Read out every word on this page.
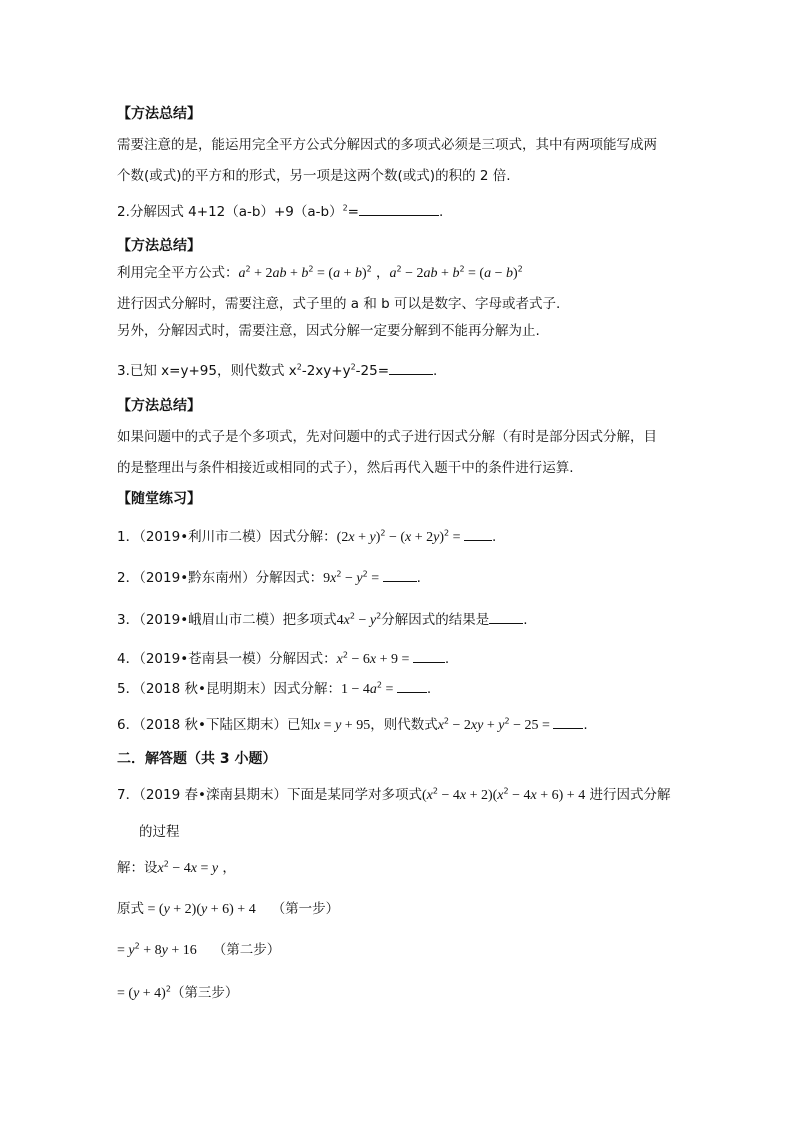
【方法总结】
需要注意的是，能运用完全平方公式分解因式的多项式必须是三项式，其中有两项能写成两
个数(或式)的平方和的形式，另一项是这两个数(或式)的积的 2 倍.
2.分解因式 $4+12(a-b)+9(a-b)^2=$	.
【方法总结】
利用完全平方公式：$a^2 + 2ab + b^2 = (a + b)^2$ ，$a^2 - 2ab + b^2 = (a - b)^2$
进行因式分解时，需要注意，式子里的 a 和 b 可以是数字、字母或者式子.
另外，分解因式时，需要注意，因式分解一定要分解到不能再分解为止.
3.已知 x=y+95，则代数式 $x^2-2xy+y^2-25=$	.
【方法总结】
如果问题中的式子是个多项式，先对问题中的式子进行因式分解（有时是部分因式分解，目
的是整理出与条件相接近或相同的式子），然后再代入题干中的条件进行运算.
【随堂练习】
1．（2019•利川市二模）因式分解：$(2x + y)^2 - (x + 2y)^2$ = .
2．（2019•黔东南州）分解因式：$9x^2 - y^2$ =	.
3．（2019•峨眉山市二模）把多项式$4x^2 - y^2$分解因式的结果是	.
4．（2019•苍南县一模）分解因式：$x^2 - 6x + 9$ = .
5．（2018 秋•昆明期末）因式分解：$1 - 4a^2$ = .
6．（2018 秋•下陆区期末）已知x = y + 95，则代数式$x^2 - 2xy + y^2 - 25$ = .
二．解答题（共 3 小题）
7．（2019 春•滦南县期末）下面是某同学对多项式$(x^2 - 4x + 2)(x^2 - 4x + 6) + 4$ 进行因式分解
的过程
解：设$x^2 - 4x = y$ ，
原式 = (y + 2)(y + 6) + 4 （第一步）
= $y^2 + 8y + 16$ （第二步）
= $(y + 4)^2$（第三步）
